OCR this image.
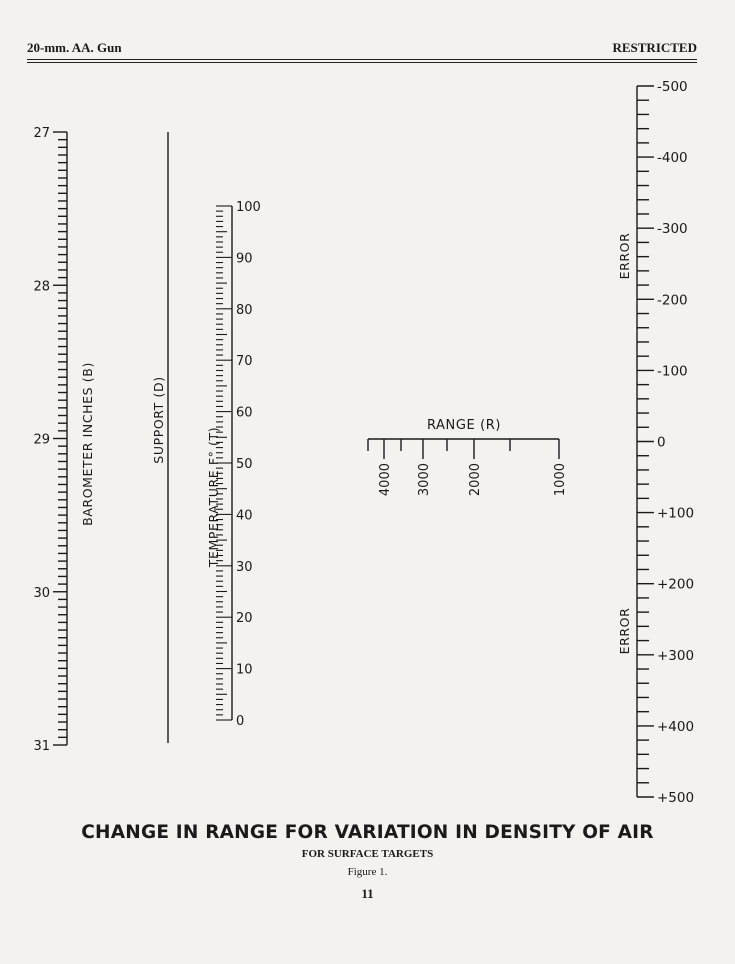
20-mm. AA. Gun	RESTRICTED
27
28
29
30
31
BAROMETER INCHES (B)	SUPPORT (D)
0
10
20
30
40
50
60
70
80
90
100
TEMPERATURE F° (T)	4000 3000	2000	1000
RANGE (R)
-500
-400
-300
-200
-100
0
+100
+200
+300
+400
+500
ERROR
ERROR
CHANGE IN RANGE FOR VARIATION IN DENSITY OF AIR
FOR SURFACE TARGETS
Figure 1.
11
